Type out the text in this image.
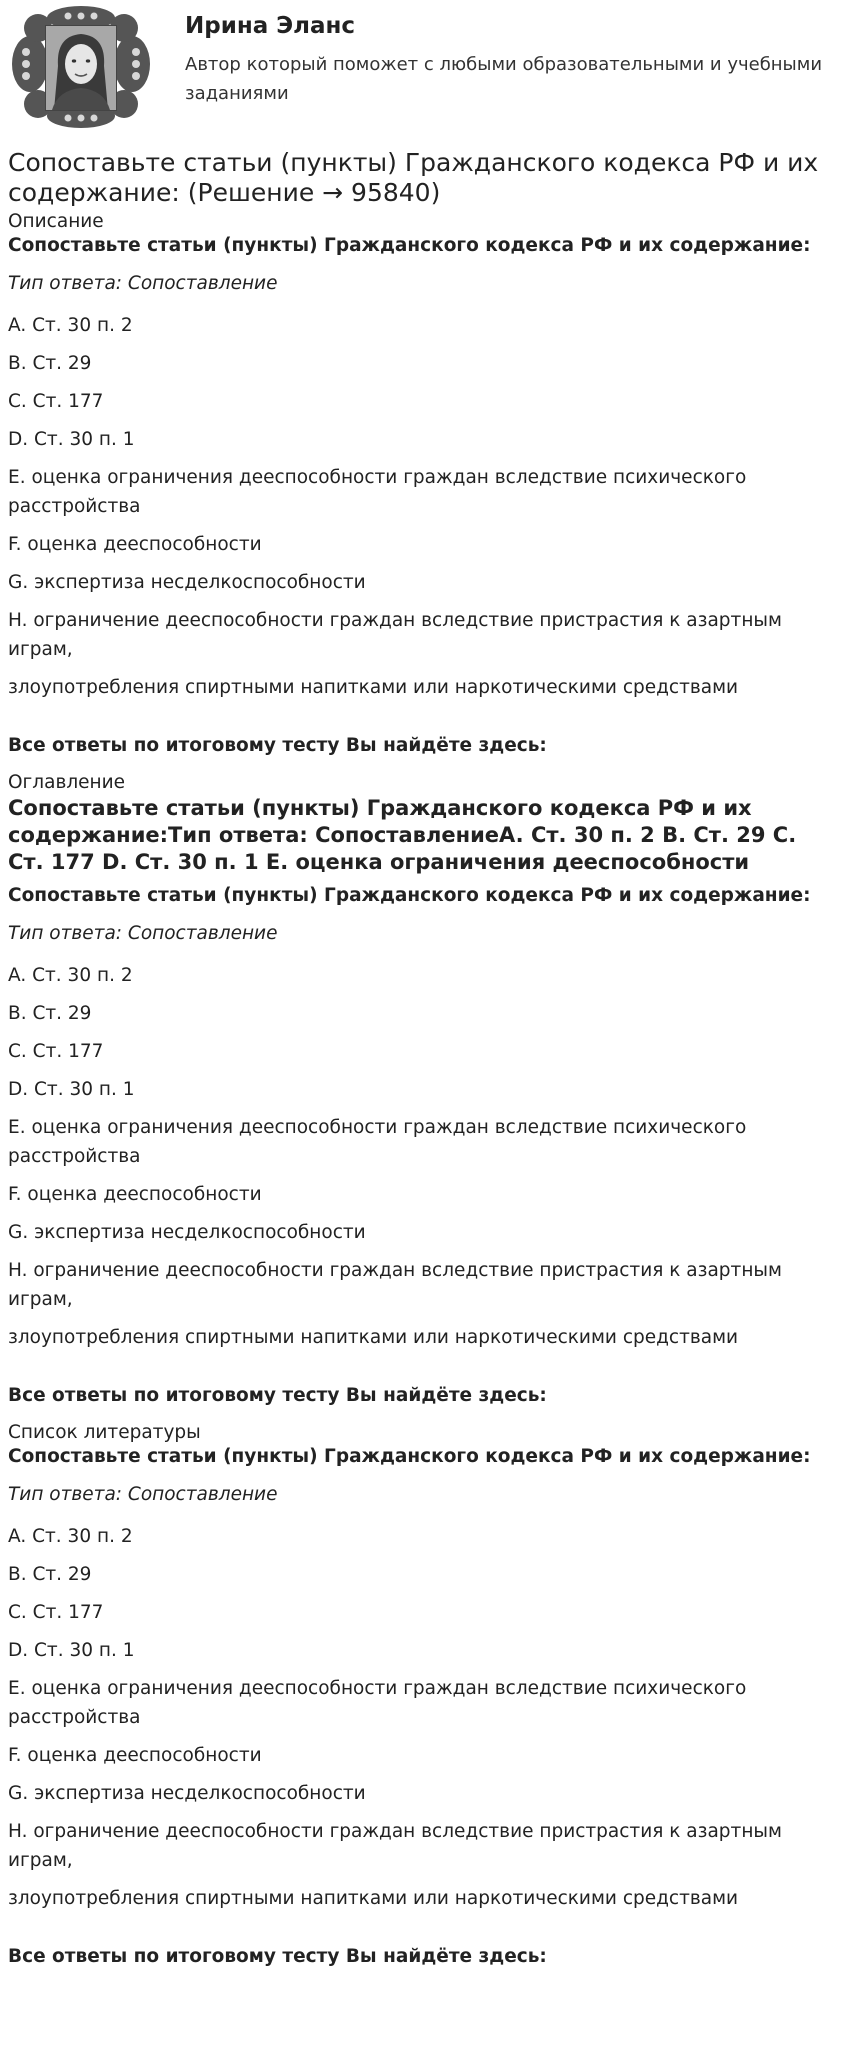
Ирина Эланс
Автор который поможет с любыми образовательными и учебными заданиями
Сопоставьте статьи (пункты) Гражданского кодекса РФ и их содержание: (Решение → 95840)
Описание

Сопоставьте статьи (пункты) Гражданского кодекса РФ и их содержание:

Тип ответа: Сопоставление

A. Ст. 30 п. 2

B. Ст. 29

C. Ст. 177

D. Ст. 30 п. 1

E. оценка ограничения дееспособности граждан вследствие психического расстройства

F. оценка дееспособности

G. экспертиза несделкоспособности

H. ограничение дееспособности граждан вследствие пристрастия к азартным играм,

злоупотребления спиртными напитками или наркотическими средствами

Все ответы по итоговому тесту Вы найдёте здесь:

Оглавление
Сопоставьте статьи (пункты) Гражданского кодекса РФ и их содержание:Тип ответа: СопоставлениеA. Ст. 30 п. 2 B. Ст. 29 C. Ст. 177 D. Ст. 30 п. 1 E. оценка ограничения дееспособности

Сопоставьте статьи (пункты) Гражданского кодекса РФ и их содержание:

Тип ответа: Сопоставление

A. Ст. 30 п. 2

B. Ст. 29

C. Ст. 177

D. Ст. 30 п. 1

E. оценка ограничения дееспособности граждан вследствие психического расстройства

F. оценка дееспособности

G. экспертиза несделкоспособности

H. ограничение дееспособности граждан вследствие пристрастия к азартным играм,

злоупотребления спиртными напитками или наркотическими средствами

Все ответы по итоговому тесту Вы найдёте здесь:

Список литературы

Сопоставьте статьи (пункты) Гражданского кодекса РФ и их содержание:

Тип ответа: Сопоставление

A. Ст. 30 п. 2

B. Ст. 29

C. Ст. 177

D. Ст. 30 п. 1

E. оценка ограничения дееспособности граждан вследствие психического расстройства

F. оценка дееспособности

G. экспертиза несделкоспособности

H. ограничение дееспособности граждан вследствие пристрастия к азартным играм,

злоупотребления спиртными напитками или наркотическими средствами

Все ответы по итоговому тесту Вы найдёте здесь:
